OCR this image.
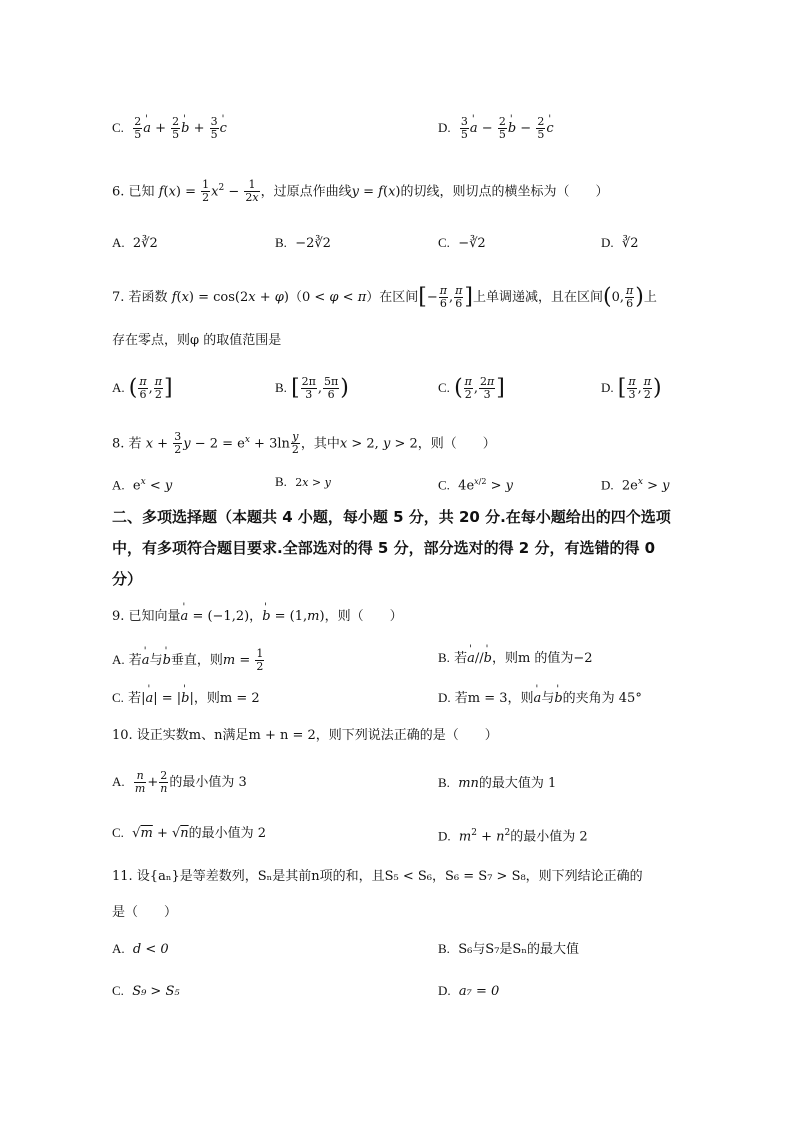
C. $\frac{2}{5}$ ' $a + \frac{2}{5}$ ' $b + \frac{3}{5}$ ' c	D. $\frac{3}{5}$ ' $a - \frac{2}{5}$ ' $b - \frac{2}{5}$ ' c
6. 已知 $f(x) = \frac{1}{2} x^2 - \frac{1}{2x}$ ，过原点作曲线y = f(x)的切线，则切点的横坐标为（　　）
A. 2∛2	B. −2∛2	C. −∛2	D. ∛2
7. 若函数 f(x) = cos(2x + φ)（0 < φ < π）在区间[− $\frac{\pi}{6}$ , $\frac{\pi}{6}$ ]上单调递减，且在区间(0, $\frac{\pi}{6}$ )上
存在零点，则φ 的取值范围是
A. ( $\frac{\pi}{6}$ , $\frac{\pi}{2}$ ]	B. [ $\frac{2\pi}{3}$ , $\frac{5\pi}{6}$ )	C. ( $\frac{\pi}{2}$ , $\frac{2\pi}{3}$ ]	D. [ $\frac{\pi}{3}$ , $\frac{\pi}{2}$ )
8. 若 $x + \frac{3}{2}$ $y - 2 = e^x + 3\ln \frac{y}{2}$ ，其中x > 2, y > 2，则（　　）
A.  $e^x < y$	B. 2x > y	C.  $4e^{x/2} > y$	D.  $2e^x > y$
二、多项选择题（本题共 4 小题，每小题 5 分，共 20 分.在每小题给出的四个选项中，有多项符合题目要求.全部选对的得 5 分，部分选对的得 2 分，有选错的得 0 分）
9. 已知向量' a = (−1,2)，' b = (1,m)，则（　　）
A. 若' a与' b垂直，则$m = \frac{1}{2}$	B. 若' a//' b，则m 的值为−2
C. 若|' a| = |' b|，则m = 2	D. 若m = 3，则' a与' b的夹角为 45°
10. 设正实数m、n满足m + n = 2，则下列说法正确的是（　　）
A. $\frac{n}{m} + \frac{2}{n}$ 的最小值为 3	B. mn的最大值为 1
C.  √m + √n的最小值为 2	D. $m^2 + n^2$的最小值为 2
11. 设{aₙ}是等差数列，Sₙ是其前n项的和，且S₅ < S₆，S₆ = S₇ > S₈，则下列结论正确的
是（　　）
A. d < 0	B. S₆与S₇是Sₙ的最大值
C. S₉ > S₅	D. a₇ = 0
